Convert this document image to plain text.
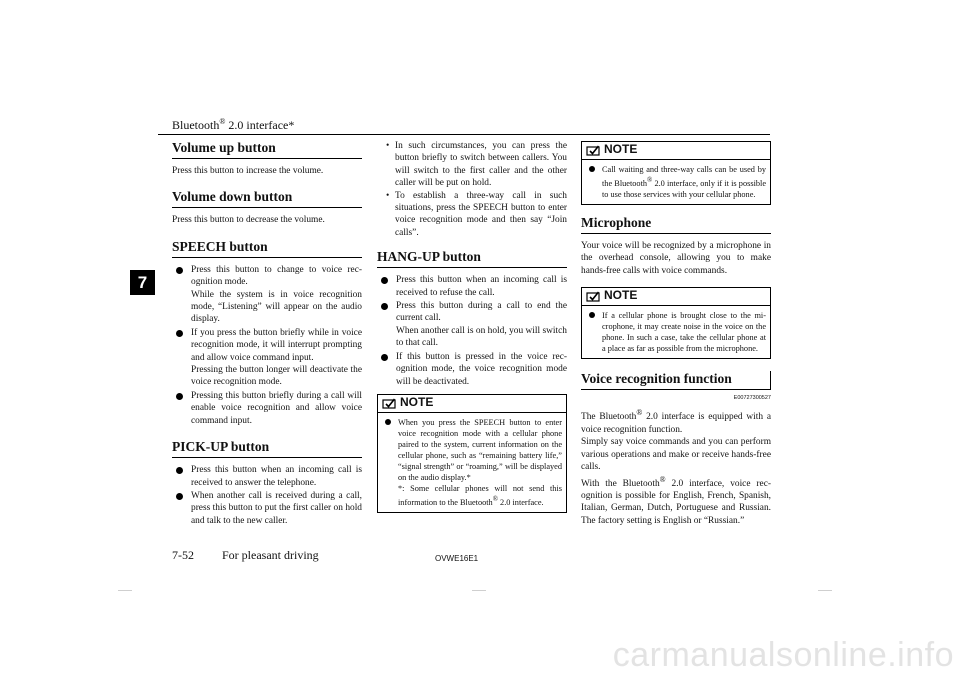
Bluetooth® 2.0 interface*
7
Volume up button

Press this button to increase the volume.

Volume down button

Press this button to decrease the volume.

SPEECH button
Press this button to change to voice recognition mode.
While the system is in voice recognition mode, “Listening” will appear on the audio display.
If you press the button briefly while in voice recognition mode, it will interrupt prompting and allow voice command input.
Pressing the button longer will deactivate the voice recognition mode.
Pressing this button briefly during a call will enable voice recognition and allow voice command input.
PICK-UP button
Press this button when an incoming call is received to answer the telephone.
When another call is received during a call, press this button to put the first caller on hold and talk to the new caller.
• In such circumstances, you can press the button briefly to switch between callers. You will switch to the first caller and the other caller will be put on hold.
• To establish a three-way call in such situations, press the SPEECH button to enter voice recognition mode and then say “Join calls”.
HANG-UP button
Press this button when an incoming call is received to refuse the call.
Press this button during a call to end the current call.
When another call is on hold, you will switch to that call.
If this button is pressed in the voice recognition mode, the voice recognition mode will be deactivated.
NOTE
When you press the SPEECH button to enter voice recognition mode with a cellular phone paired to the system, current information on the cellular phone, such as “remaining battery life,” “signal strength” or “roaming,” will be displayed on the audio display.*
*: Some cellular phones will not send this information to the Bluetooth® 2.0 interface.
NOTE
Call waiting and three-way calls can be used by the Bluetooth® 2.0 interface, only if it is possible to use those services with your cellular phone.
Microphone

Your voice will be recognized by a microphone in the overhead console, allowing you to make hands-free calls with voice commands.

NOTE
If a cellular phone is brought close to the microphone, it may create noise in the voice on the phone. In such a case, take the cellular phone at a place as far as possible from the microphone.
Voice recognition function
E00727300527

The Bluetooth® 2.0 interface is equipped with a voice recognition function.

Simply say voice commands and you can perform various operations and make or receive hands-free calls.

With the Bluetooth® 2.0 interface, voice recognition is possible for English, French, Spanish, Italian, German, Dutch, Portuguese and Russian. The factory setting is English or “Russian.”

7-52 For pleasant driving	OVWE16E1
carmanualsonline.info
